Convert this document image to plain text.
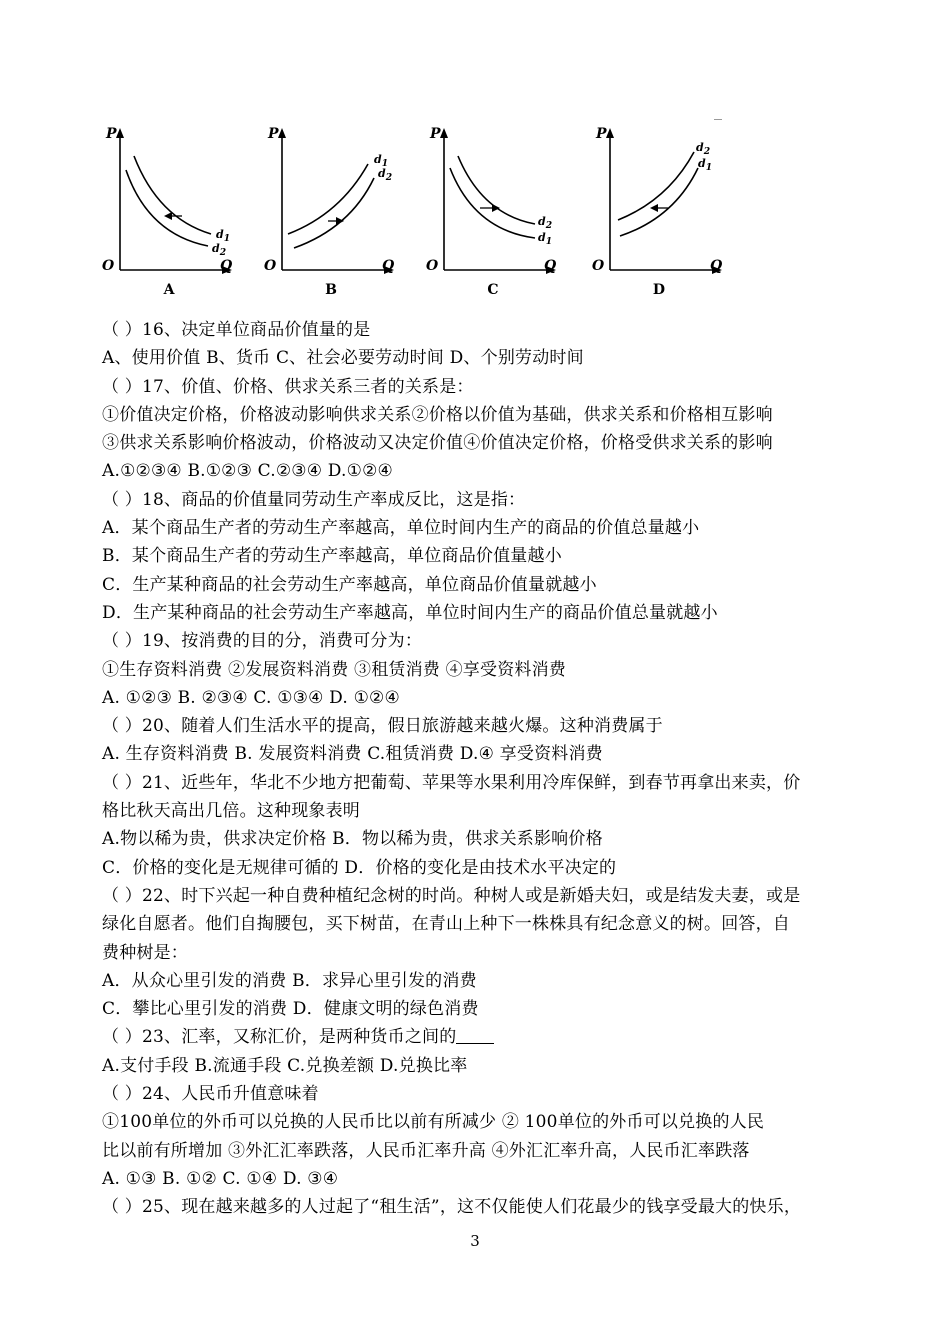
P
O	Q
$d_1$
$d_2$
A
P
O	Q
$d_1$
$d_2$
B
P
O	Q
$d_2$
$d_1$
C
P
O	Q
$d_2$
$d_1$
D
（ ）16、决定单位商品价值量的是
A、使用价值 B、货币 C、社会必要劳动时间 D、个别劳动时间
（ ）17、价值、价格、供求关系三者的关系是：
①价值决定价格，价格波动影响供求关系②价格以价值为基础，供求关系和价格相互影响
③供求关系影响价格波动，价格波动又决定价值④价值决定价格，价格受供求关系的影响
A.①②③④ B.①②③ C.②③④ D.①②④
（ ）18、商品的价值量同劳动生产率成反比，这是指：
A．某个商品生产者的劳动生产率越高，单位时间内生产的商品的价值总量越小
B．某个商品生产者的劳动生产率越高，单位商品价值量越小
C．生产某种商品的社会劳动生产率越高，单位商品价值量就越小
D．生产某种商品的社会劳动生产率越高，单位时间内生产的商品价值总量就越小
（ ）19、按消费的目的分，消费可分为：
①生存资料消费 ②发展资料消费 ③租赁消费 ④享受资料消费
A. ①②③ B. ②③④ C. ①③④ D. ①②④
（ ）20、随着人们生活水平的提高，假日旅游越来越火爆。这种消费属于
A. 生存资料消费 B. 发展资料消费 C.租赁消费 D.④ 享受资料消费
（ ）21、近些年，华北不少地方把葡萄、苹果等水果利用冷库保鲜，到春节再拿出来卖，价
格比秋天高出几倍。这种现象表明
A.物以稀为贵，供求决定价格 B．物以稀为贵，供求关系影响价格
C．价格的变化是无规律可循的 D．价格的变化是由技术水平决定的
（ ）22、时下兴起一种自费种植纪念树的时尚。种树人或是新婚夫妇，或是结发夫妻，或是
绿化自愿者。他们自掏腰包，买下树苗，在青山上种下一株株具有纪念意义的树。回答，自
费种树是：
A．从众心里引发的消费 B．求异心里引发的消费
C．攀比心里引发的消费 D．健康文明的绿色消费
（ ）23、汇率，又称汇价，是两种货币之间的
A.支付手段 B.流通手段 C.兑换差额 D.兑换比率
（ ）24、人民币升值意味着
①100单位的外币可以兑换的人民币比以前有所减少 ② 100单位的外币可以兑换的人民
比以前有所增加 ③外汇汇率跌落，人民币汇率升高 ④外汇汇率升高，人民币汇率跌落
A. ①③ B. ①② C. ①④ D. ③④
（ ）25、现在越来越多的人过起了“租生活”，这不仅能使人们花最少的钱享受最大的快乐，
3
